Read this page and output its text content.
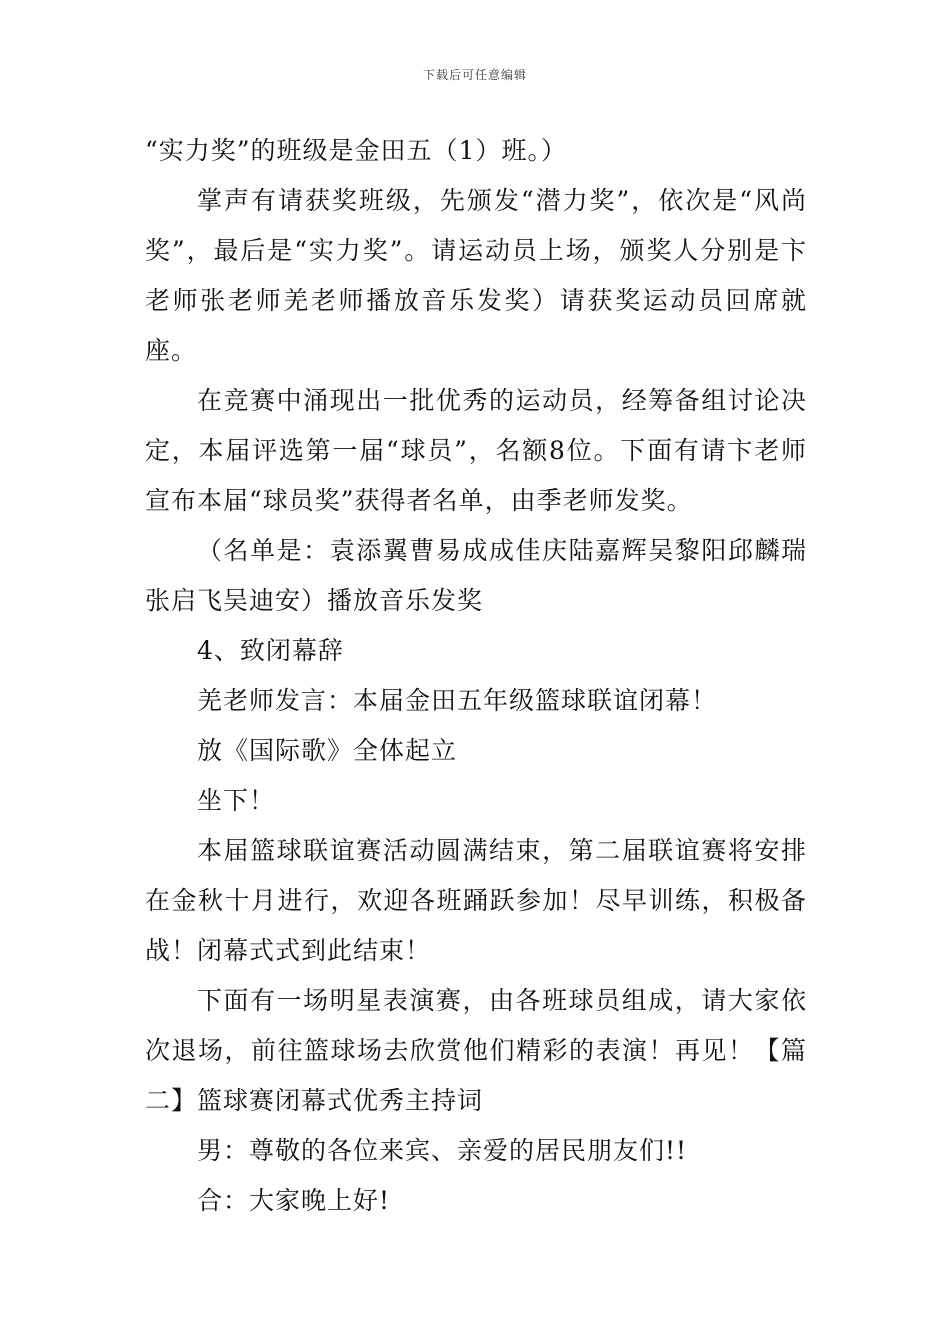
下载后可任意编辑

“实力奖”的班级是金田五（1）班。）

掌声有请获奖班级，先颁发“潜力奖”，依次是“风尚奖”，最后是“实力奖”。请运动员上场，颁奖人分别是卞老师张老师羌老师播放音乐发奖）请获奖运动员回席就座。

在竞赛中涌现出一批优秀的运动员，经筹备组讨论决定，本届评选第一届“球员”，名额8位。下面有请卞老师宣布本届“球员奖”获得者名单，由季老师发奖。

（名单是：袁添翼曹易成成佳庆陆嘉辉吴黎阳邱麟瑞张启飞吴迪安）播放音乐发奖

4、致闭幕辞

羌老师发言：本届金田五年级篮球联谊闭幕！

放《国际歌》全体起立

坐下！

本届篮球联谊赛活动圆满结束，第二届联谊赛将安排在金秋十月进行，欢迎各班踊跃参加！尽早训练，积极备战！闭幕式式到此结束！

下面有一场明星表演赛，由各班球员组成，请大家依次退场，前往篮球场去欣赏他们精彩的表演！再见！【篇二】篮球赛闭幕式优秀主持词

男：尊敬的各位来宾、亲爱的居民朋友们!!

合：大家晚上好!
